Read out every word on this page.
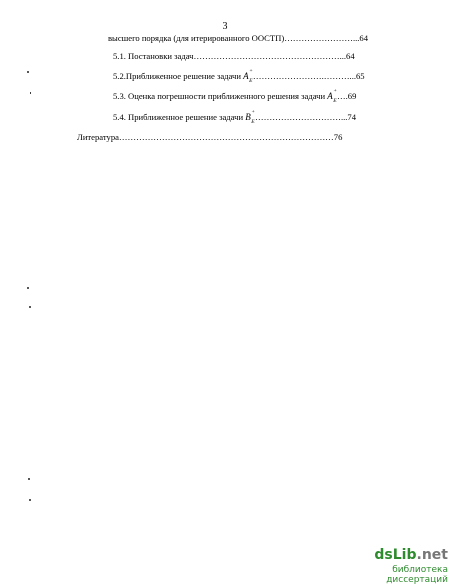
3
высшего порядка (для итерированного ООСТП)……………………...64
5.1. Постановки задач……………………………………………...64
5.2.Приближенное решение задачи A +
E …………………….………...65
5.3. Оценка погрешности приближенного решения задачи A +
E ….69
5.4. Приближенное решение задачи B +
E …………………………...74
Литература…………………………………………………………………76
dsLib.net
библиотека диссертаций
